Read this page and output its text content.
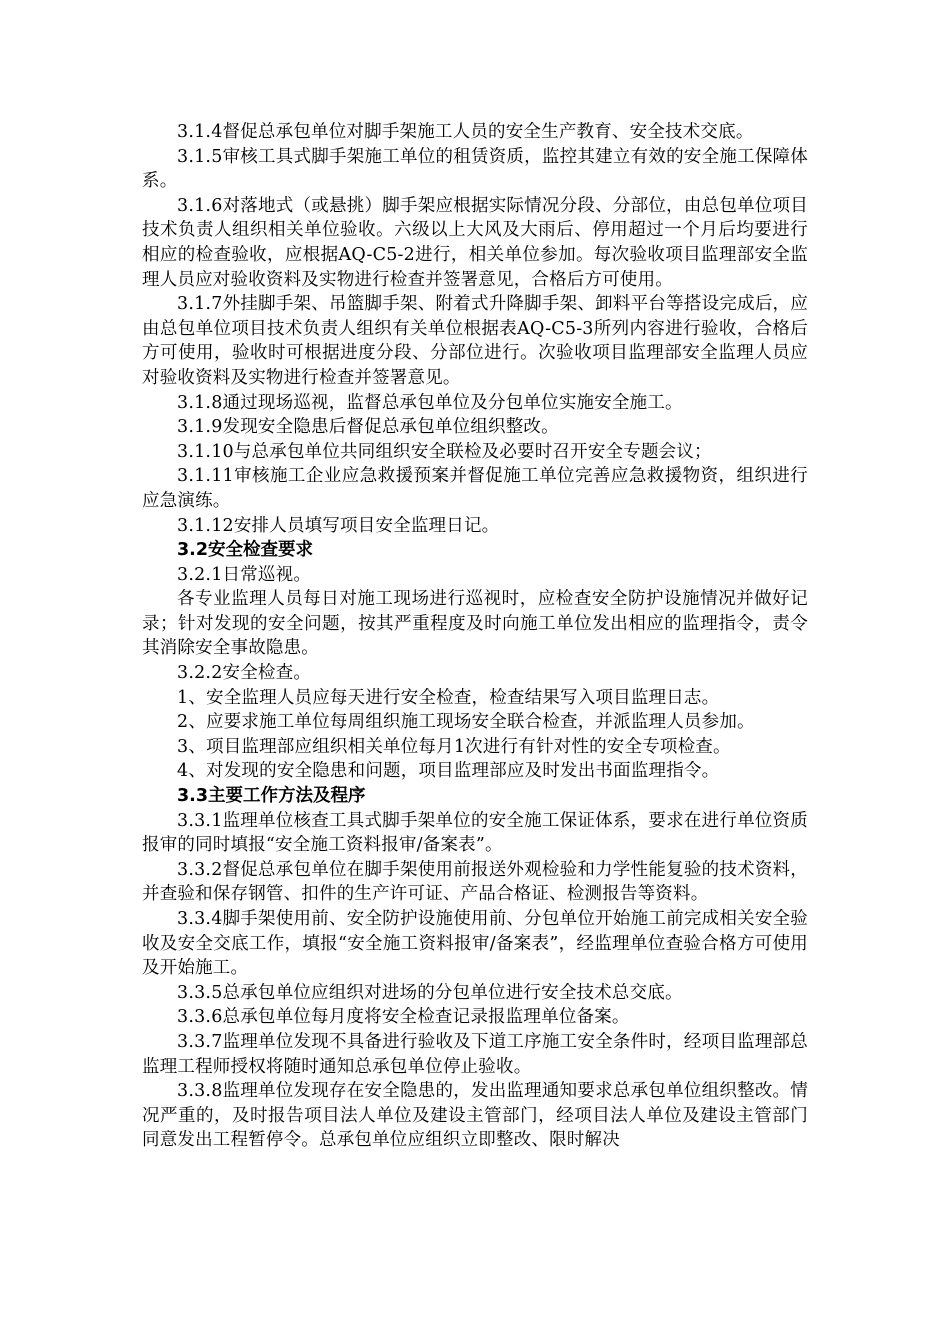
3.1.4督促总承包单位对脚手架施工人员的安全生产教育、安全技术交底。

3.1.5审核工具式脚手架施工单位的租赁资质，监控其建立有效的安全施工保障体系。

3.1.6对落地式（或悬挑）脚手架应根据实际情况分段、分部位，由总包单位项目技术负责人组织相关单位验收。六级以上大风及大雨后、停用超过一个月后均要进行相应的检查验收，应根据AQ-C5-2进行，相关单位参加。每次验收项目监理部安全监理人员应对验收资料及实物进行检查并签署意见，合格后方可使用。

3.1.7外挂脚手架、吊篮脚手架、附着式升降脚手架、卸料平台等搭设完成后，应由总包单位项目技术负责人组织有关单位根据表AQ-C5-3所列内容进行验收，合格后方可使用，验收时可根据进度分段、分部位进行。次验收项目监理部安全监理人员应对验收资料及实物进行检查并签署意见。

3.1.8通过现场巡视，监督总承包单位及分包单位实施安全施工。

3.1.9发现安全隐患后督促总承包单位组织整改。

3.1.10与总承包单位共同组织安全联检及必要时召开安全专题会议；

3.1.11审核施工企业应急救援预案并督促施工单位完善应急救援物资，组织进行应急演练。

3.1.12安排人员填写项目安全监理日记。

3.2安全检查要求

3.2.1日常巡视。

各专业监理人员每日对施工现场进行巡视时，应检查安全防护设施情况并做好记录；针对发现的安全问题，按其严重程度及时向施工单位发出相应的监理指令，责令其消除安全事故隐患。

3.2.2安全检查。

1、安全监理人员应每天进行安全检查，检查结果写入项目监理日志。

2、应要求施工单位每周组织施工现场安全联合检查，并派监理人员参加。

3、项目监理部应组织相关单位每月1次进行有针对性的安全专项检查。

4、对发现的安全隐患和问题，项目监理部应及时发出书面监理指令。

3.3主要工作方法及程序

3.3.1监理单位核查工具式脚手架单位的安全施工保证体系，要求在进行单位资质报审的同时填报“安全施工资料报审/备案表”。

3.3.2督促总承包单位在脚手架使用前报送外观检验和力学性能复验的技术资料，并查验和保存钢管、扣件的生产许可证、产品合格证、检测报告等资料。

3.3.4脚手架使用前、安全防护设施使用前、分包单位开始施工前完成相关安全验收及安全交底工作，填报“安全施工资料报审/备案表”，经监理单位查验合格方可使用及开始施工。

3.3.5总承包单位应组织对进场的分包单位进行安全技术总交底。

3.3.6总承包单位每月度将安全检查记录报监理单位备案。

3.3.7监理单位发现不具备进行验收及下道工序施工安全条件时，经项目监理部总监理工程师授权将随时通知总承包单位停止验收。

3.3.8监理单位发现存在安全隐患的，发出监理通知要求总承包单位组织整改。情况严重的，及时报告项目法人单位及建设主管部门，经项目法人单位及建设主管部门同意发出工程暂停令。总承包单位应组织立即整改、限时解决
